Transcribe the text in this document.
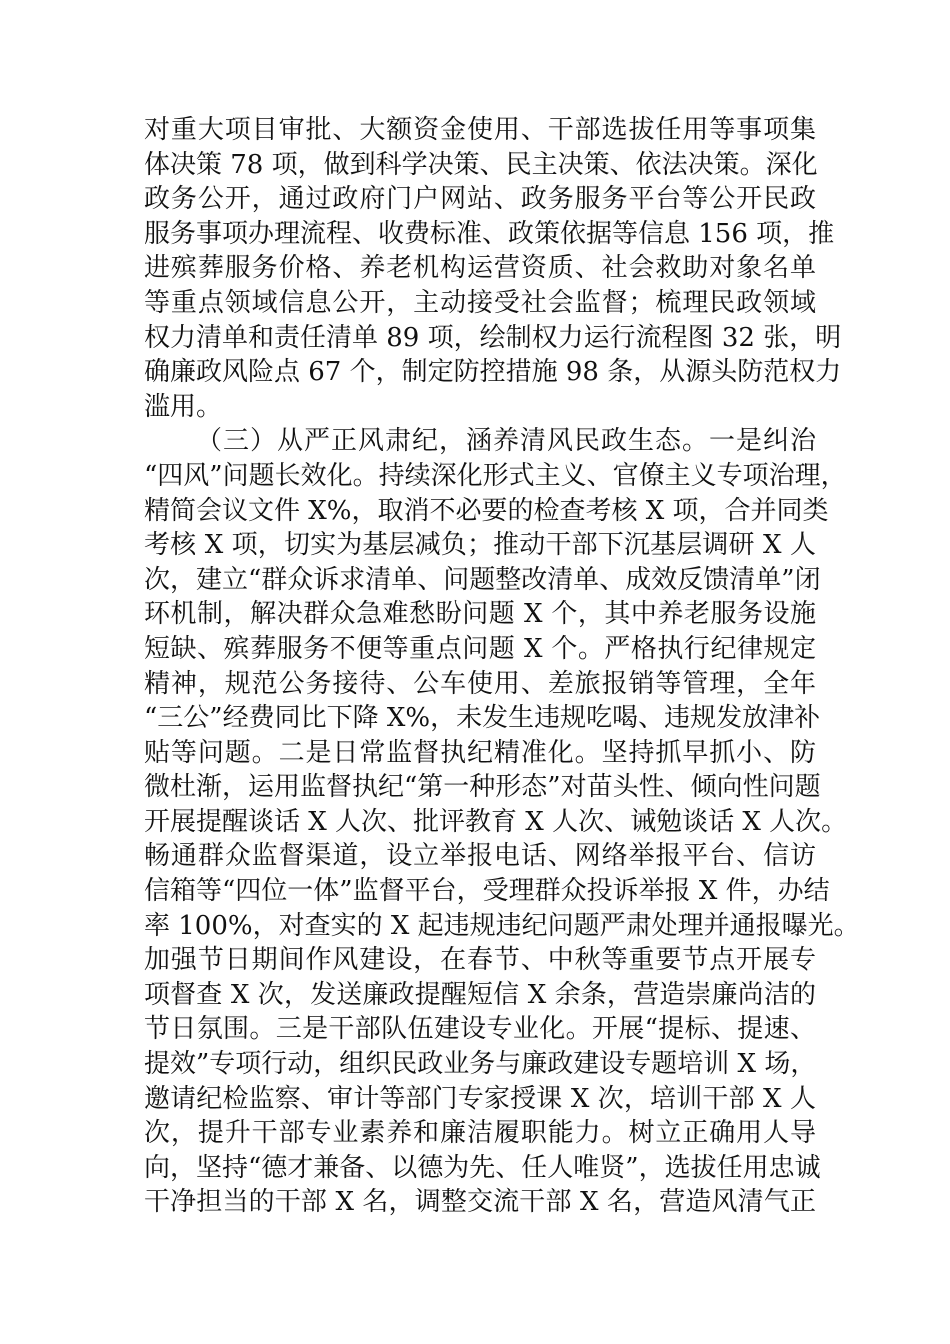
对重大项目审批、大额资金使用、干部选拔任用等事项集
体决策 78 项，做到科学决策、民主决策、依法决策。深化
政务公开，通过政府门户网站、政务服务平台等公开民政
服务事项办理流程、收费标准、政策依据等信息 156 项，推
进殡葬服务价格、养老机构运营资质、社会救助对象名单
等重点领域信息公开，主动接受社会监督；梳理民政领域
权力清单和责任清单 89 项，绘制权力运行流程图 32 张，明
确廉政风险点 67 个，制定防控措施 98 条，从源头防范权力
滥用。
（三）从严正风肃纪，涵养清风民政生态。一是纠治
“四风”问题长效化。持续深化形式主义、官僚主义专项治理，
精简会议文件 X%，取消不必要的检查考核 X 项，合并同类
考核 X 项，切实为基层减负；推动干部下沉基层调研 X 人
次，建立“群众诉求清单、问题整改清单、成效反馈清单”闭
环机制，解决群众急难愁盼问题 X 个，其中养老服务设施
短缺、殡葬服务不便等重点问题 X 个。严格执行纪律规定
精神，规范公务接待、公车使用、差旅报销等管理，全年
“三公”经费同比下降 X%，未发生违规吃喝、违规发放津补
贴等问题。二是日常监督执纪精准化。坚持抓早抓小、防
微杜渐，运用监督执纪“第一种形态”对苗头性、倾向性问题
开展提醒谈话 X 人次、批评教育 X 人次、诫勉谈话 X 人次。
畅通群众监督渠道，设立举报电话、网络举报平台、信访
信箱等“四位一体”监督平台，受理群众投诉举报 X 件，办结
率 100%，对查实的 X 起违规违纪问题严肃处理并通报曝光。
加强节日期间作风建设，在春节、中秋等重要节点开展专
项督查 X 次，发送廉政提醒短信 X 余条，营造崇廉尚洁的
节日氛围。三是干部队伍建设专业化。开展“提标、提速、
提效”专项行动，组织民政业务与廉政建设专题培训 X 场，
邀请纪检监察、审计等部门专家授课 X 次，培训干部 X 人
次，提升干部专业素养和廉洁履职能力。树立正确用人导
向，坚持“德才兼备、以德为先、任人唯贤”，选拔任用忠诚
干净担当的干部 X 名，调整交流干部 X 名，营造风清气正
